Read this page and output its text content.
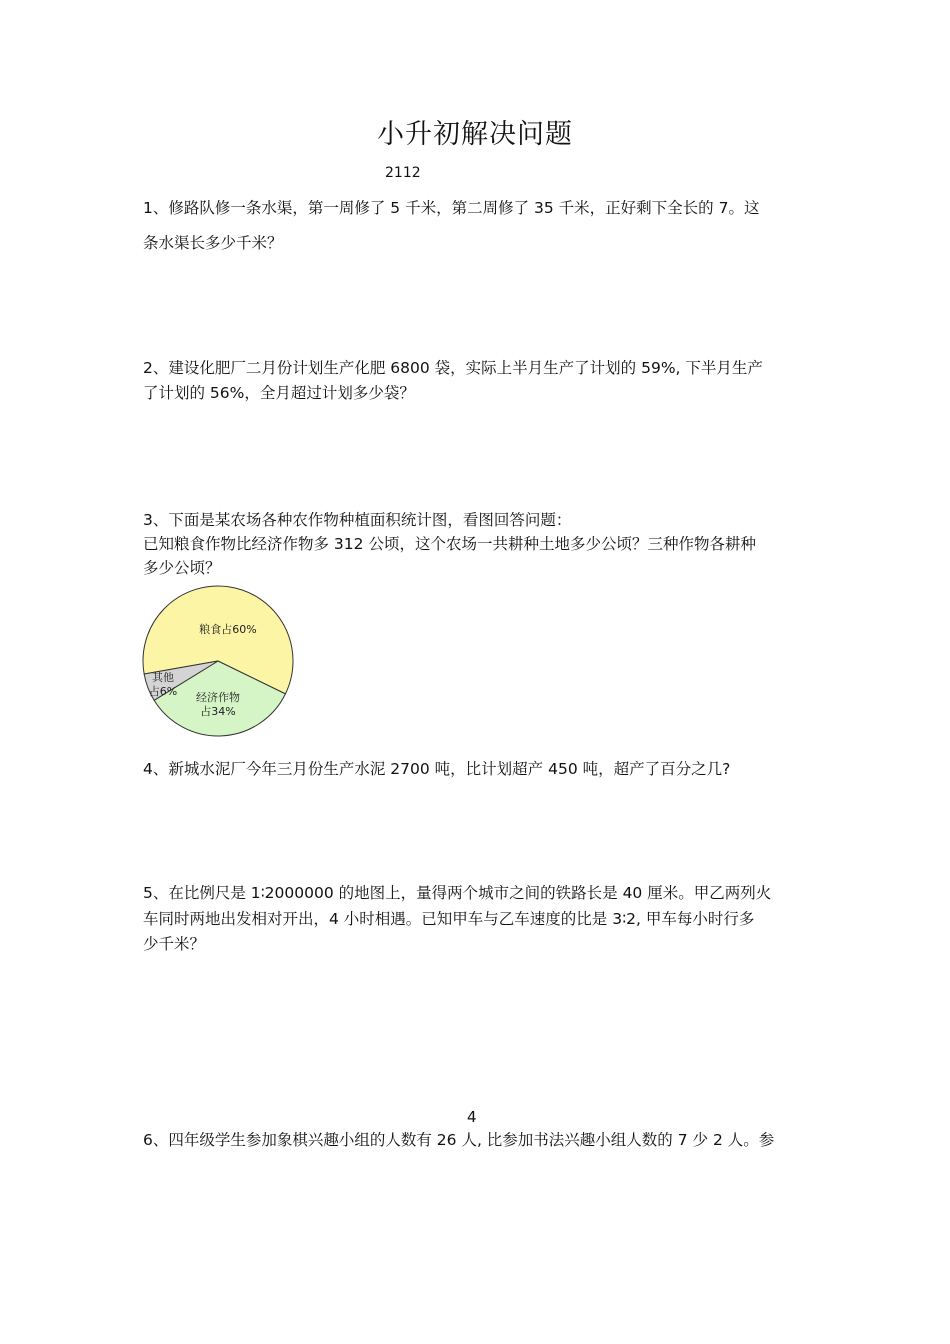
小升初解决问题
2112

1、修路队修一条水渠，第一周修了 5 千米，第二周修了 35 千米，正好剩下全长的 7。这

条水渠长多少千米？

2、建设化肥厂二月份计划生产化肥 6800 袋，实际上半月生产了计划的 59%, 下半月生产

了计划的 56%，全月超过计划多少袋？

3、下面是某农场各种农作物种植面积统计图，看图回答问题：

已知粮食作物比经济作物多 312 公顷，这个农场一共耕种土地多少公顷？三种作物各耕种

多少公顷？

粮食占60%
经济作物
占34%
其他
占6%

4、新城水泥厂今年三月份生产水泥 2700 吨，比计划超产 450 吨，超产了百分之几?

5、在比例尺是 1∶2000000 的地图上，量得两个城市之间的铁路长是 40 厘米。甲乙两列火

车同时两地出发相对开出，4 小时相遇。已知甲车与乙车速度的比是 3∶2, 甲车每小时行多

少千米？

4

6、四年级学生参加象棋兴趣小组的人数有 26 人, 比参加书法兴趣小组人数的 7 少 2 人。参
